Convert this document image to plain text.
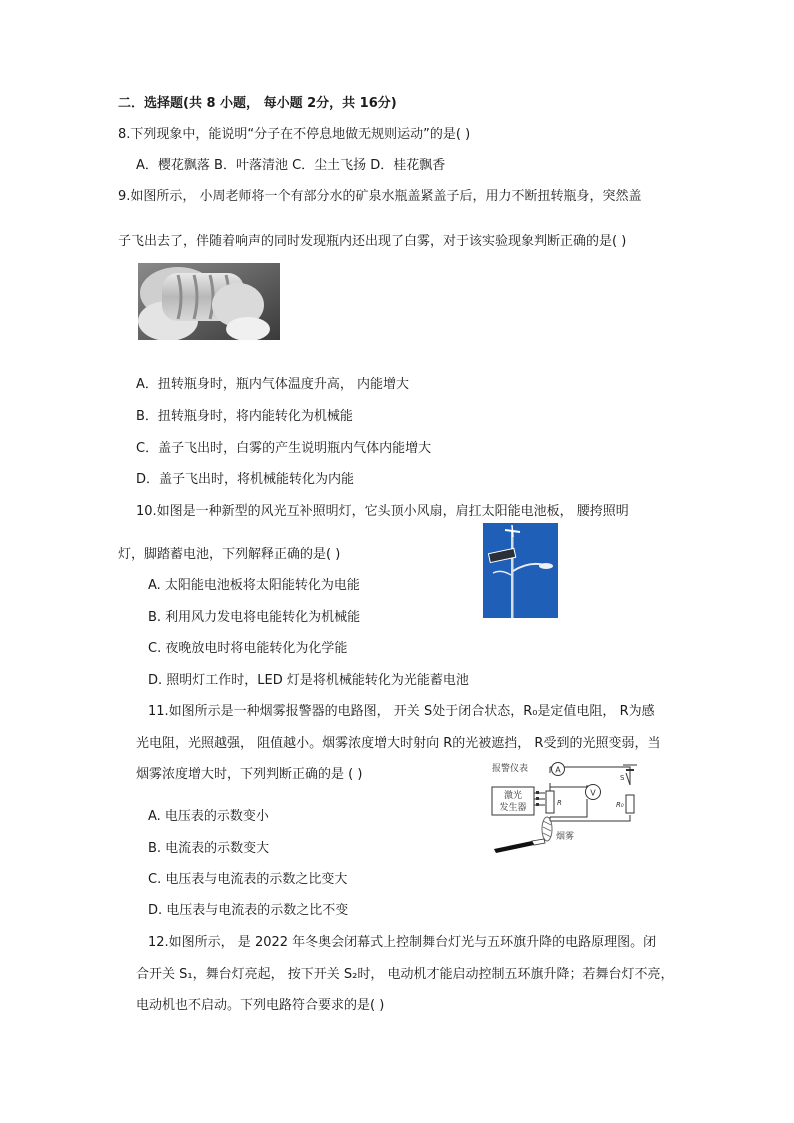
二．选择题(共 8 小题， 每小题 2分，共 16分)
8.下列现象中，能说明“分子在不停息地做无规则运动”的是( )
A．樱花飘落 B．叶落清池 C．尘土飞扬 D．桂花飘香
9.如图所示， 小周老师将一个有部分水的矿泉水瓶盖紧盖子后，用力不断扭转瓶身，突然盖
子飞出去了，伴随着响声的同时发现瓶内还出现了白雾，对于该实验现象判断正确的是( )
A．扭转瓶身时，瓶内气体温度升高， 内能增大
B．扭转瓶身时，将内能转化为机械能
C．盖子飞出时，白雾的产生说明瓶内气体内能增大
D．盖子飞出时，将机械能转化为内能
10.如图是一种新型的风光互补照明灯，它头顶小风扇，肩扛太阳能电池板， 腰挎照明
灯，脚踏蓄电池，下列解释正确的是( )
A. 太阳能电池板将太阳能转化为电能
B. 利用风力发电将电能转化为机械能
C. 夜晚放电时将电能转化为化学能
D. 照明灯工作时，LED 灯是将机械能转化为光能蓄电池
11.如图所示是一种烟雾报警器的电路图， 开关 S处于闭合状态，R₀是定值电阻， R为感
光电阻，光照越强， 阻值越小。烟雾浓度增大时射向 R的光被遮挡， R受到的光照变弱，当
烟雾浓度增大时，下列判断正确的是 ( )	A
V
激光
发生器
报警仪表
R	R₀
S
烟雾
A. 电压表的示数变小
B. 电流表的示数变大
C. 电压表与电流表的示数之比变大
D. 电压表与电流表的示数之比不变
12.如图所示， 是 2022 年冬奥会闭幕式上控制舞台灯光与五环旗升降的电路原理图。闭
合开关 S₁，舞台灯亮起， 按下开关 S₂时， 电动机才能启动控制五环旗升降；若舞台灯不亮，
电动机也不启动。下列电路符合要求的是( )
